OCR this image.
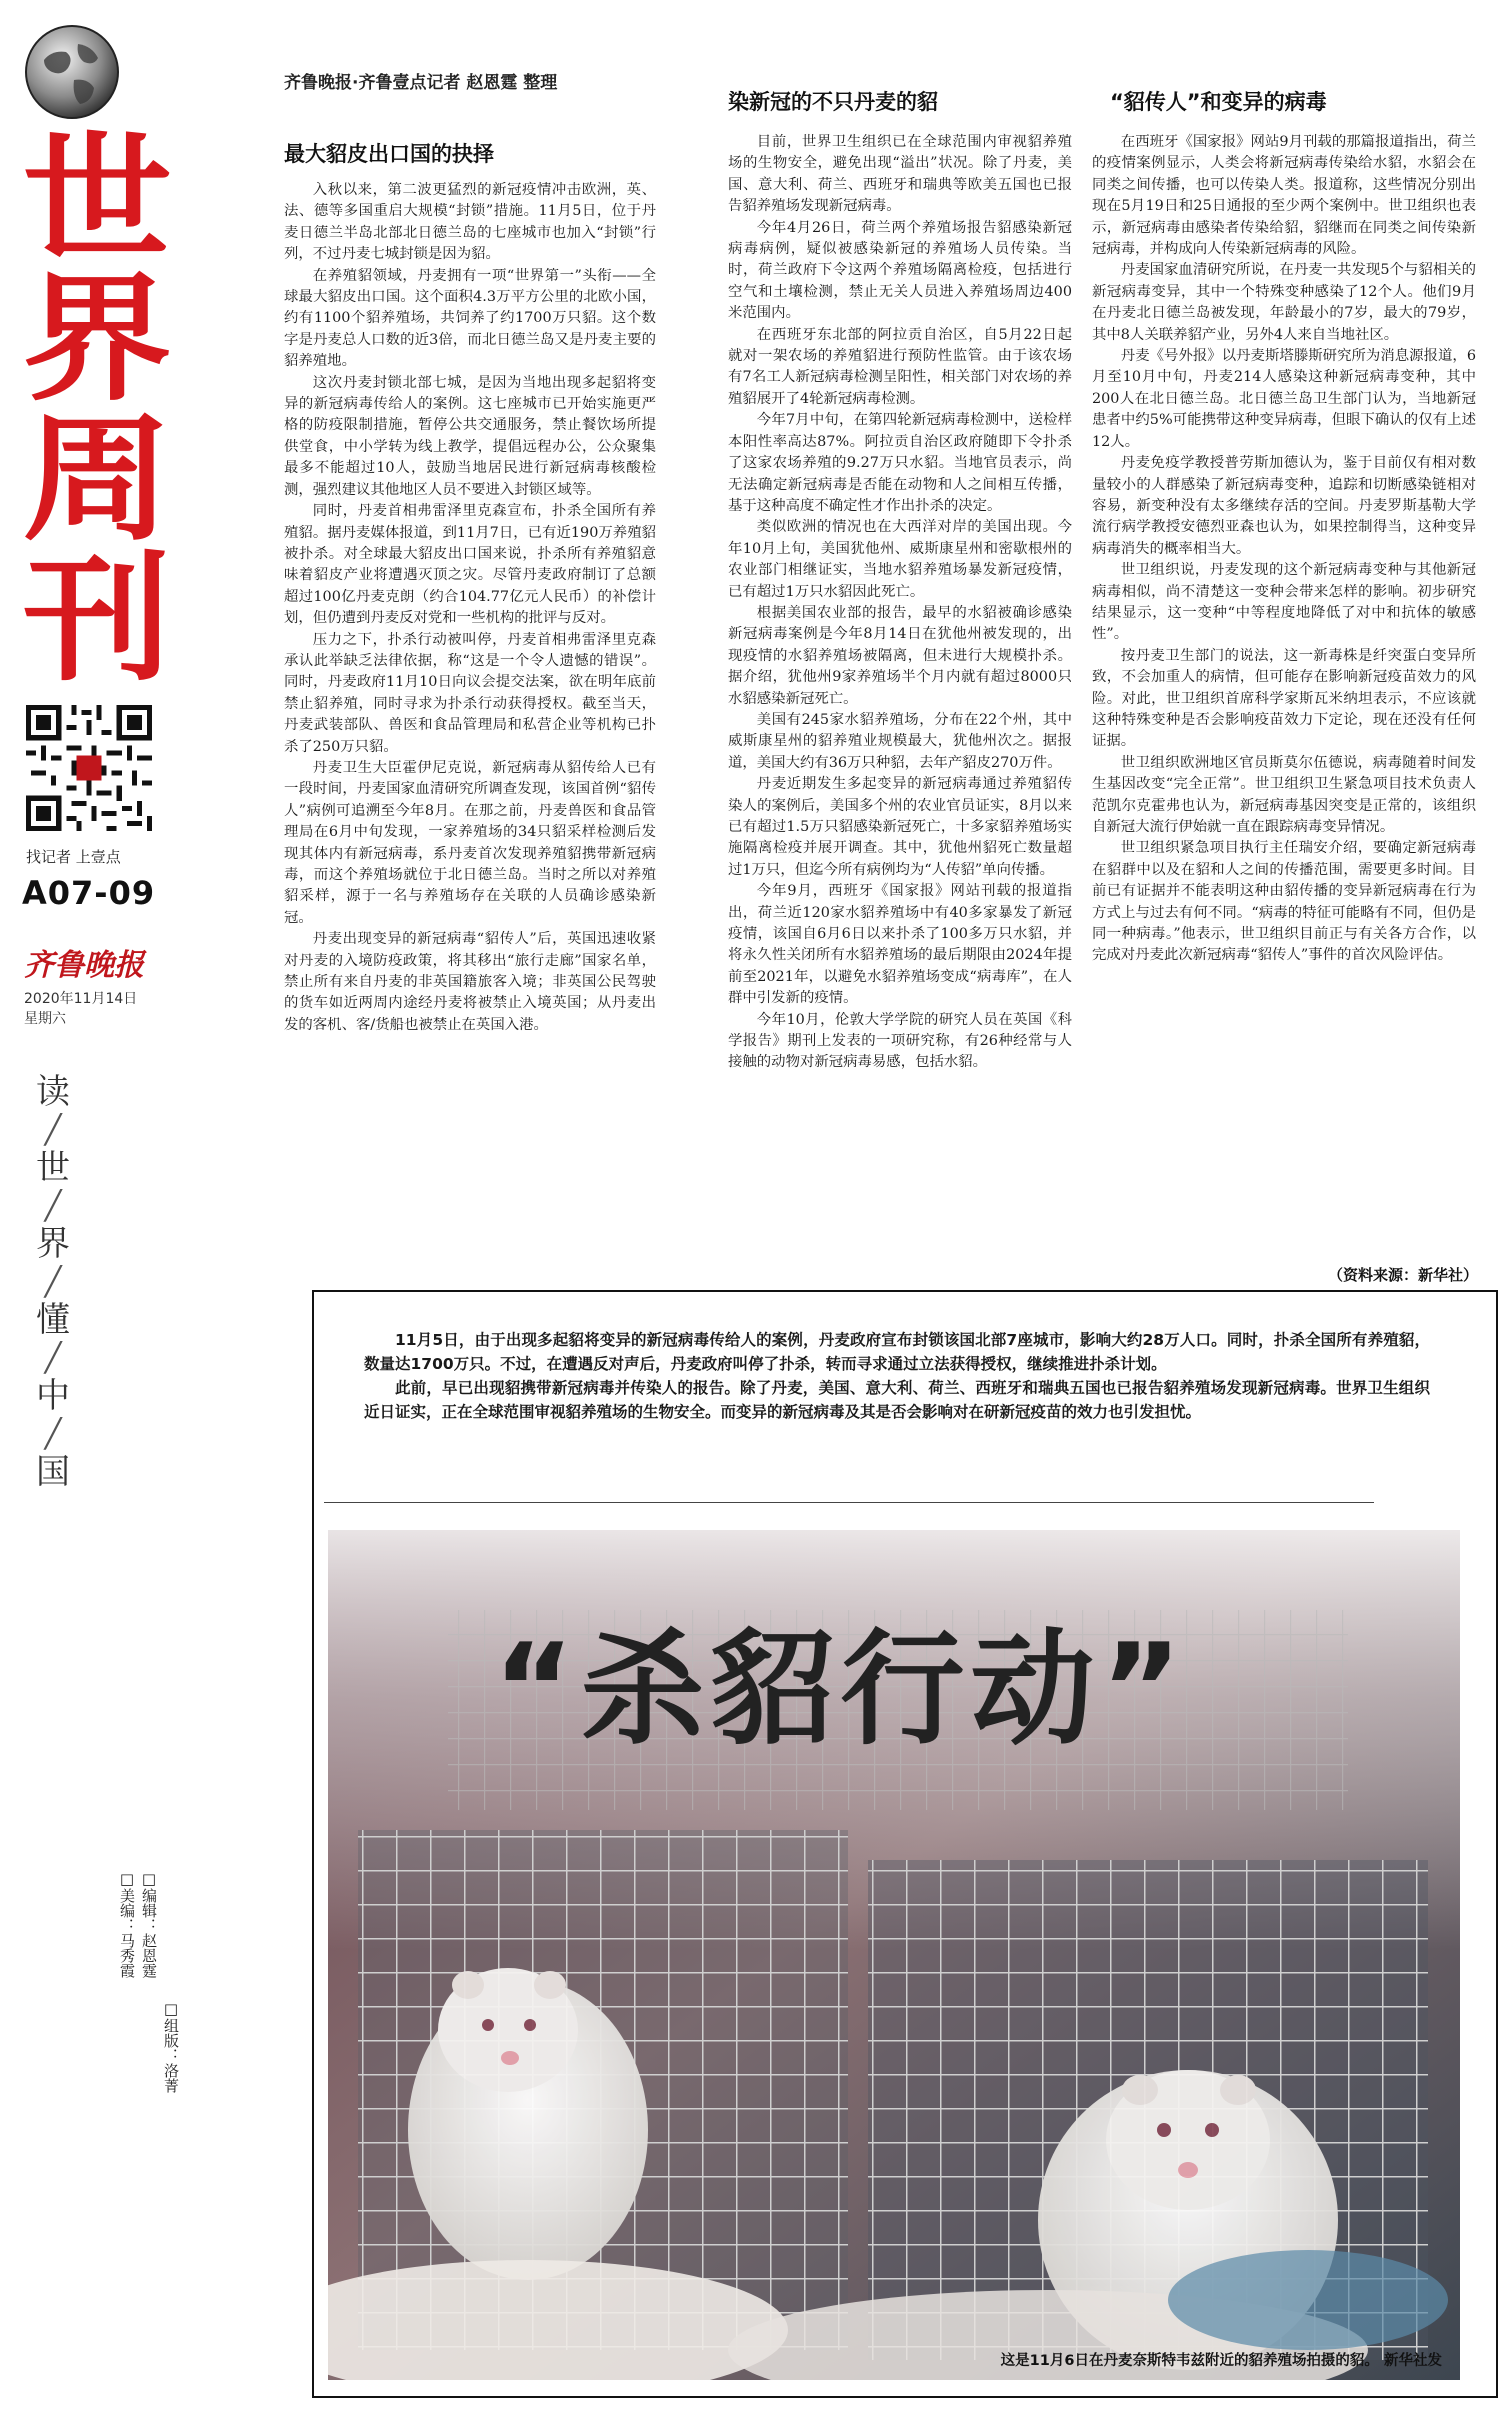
世
界
周
刊
找记者 上壹点
A07-09
齐鲁晚报
2020年11月14日
星期六
读
╱
世
╱
界
╱
懂
╱
中
╱
国
□美编：马秀霞 □编辑：赵恩霆
□组版：洛菁
齐鲁晚报·齐鲁壹点记者 赵恩霆 整理
最大貂皮出口国的抉择
染新冠的不只丹麦的貂	“貂传人”和变异的病毒

入秋以来，第二波更猛烈的新冠疫情冲击欧洲，英、法、德等多国重启大规模“封锁”措施。11月5日，位于丹麦日德兰半岛北部北日德兰岛的七座城市也加入“封锁”行列，不过丹麦七城封锁是因为貂。

在养殖貂领域，丹麦拥有一项“世界第一”头衔——全球最大貂皮出口国。这个面积4.3万平方公里的北欧小国，约有1100个貂养殖场，共饲养了约1700万只貂。这个数字是丹麦总人口数的近3倍，而北日德兰岛又是丹麦主要的貂养殖地。

这次丹麦封锁北部七城，是因为当地出现多起貂将变异的新冠病毒传给人的案例。这七座城市已开始实施更严格的防疫限制措施，暂停公共交通服务，禁止餐饮场所提供堂食，中小学转为线上教学，提倡远程办公，公众聚集最多不能超过10人，鼓励当地居民进行新冠病毒核酸检测，强烈建议其他地区人员不要进入封锁区域等。

同时，丹麦首相弗雷泽里克森宣布，扑杀全国所有养殖貂。据丹麦媒体报道，到11月7日，已有近190万养殖貂被扑杀。对全球最大貂皮出口国来说，扑杀所有养殖貂意味着貂皮产业将遭遇灭顶之灾。尽管丹麦政府制订了总额超过100亿丹麦克朗（约合104.77亿元人民币）的补偿计划，但仍遭到丹麦反对党和一些机构的批评与反对。

压力之下，扑杀行动被叫停，丹麦首相弗雷泽里克森承认此举缺乏法律依据，称“这是一个令人遗憾的错误”。同时，丹麦政府11月10日向议会提交法案，欲在明年底前禁止貂养殖，同时寻求为扑杀行动获得授权。截至当天，丹麦武装部队、兽医和食品管理局和私营企业等机构已扑杀了250万只貂。

丹麦卫生大臣霍伊尼克说，新冠病毒从貂传给人已有一段时间，丹麦国家血清研究所调查发现，该国首例“貂传人”病例可追溯至今年8月。在那之前，丹麦兽医和食品管理局在6月中旬发现，一家养殖场的34只貂采样检测后发现其体内有新冠病毒，系丹麦首次发现养殖貂携带新冠病毒，而这个养殖场就位于北日德兰岛。当时之所以对养殖貂采样，源于一名与养殖场存在关联的人员确诊感染新冠。

丹麦出现变异的新冠病毒“貂传人”后，英国迅速收紧对丹麦的入境防疫政策，将其移出“旅行走廊”国家名单，禁止所有来自丹麦的非英国籍旅客入境；非英国公民驾驶的货车如近两周内途经丹麦将被禁止入境英国；从丹麦出发的客机、客/货船也被禁止在英国入港。

目前，世界卫生组织已在全球范围内审视貂养殖场的生物安全，避免出现“溢出”状况。除了丹麦，美国、意大利、荷兰、西班牙和瑞典等欧美五国也已报告貂养殖场发现新冠病毒。

今年4月26日，荷兰两个养殖场报告貂感染新冠病毒病例，疑似被感染新冠的养殖场人员传染。当时，荷兰政府下令这两个养殖场隔离检疫，包括进行空气和土壤检测，禁止无关人员进入养殖场周边400米范围内。

在西班牙东北部的阿拉贡自治区，自5月22日起就对一架农场的养殖貂进行预防性监管。由于该农场有7名工人新冠病毒检测呈阳性，相关部门对农场的养殖貂展开了4轮新冠病毒检测。

今年7月中旬，在第四轮新冠病毒检测中，送检样本阳性率高达87%。阿拉贡自治区政府随即下令扑杀了这家农场养殖的9.27万只水貂。当地官员表示，尚无法确定新冠病毒是否能在动物和人之间相互传播，基于这种高度不确定性才作出扑杀的决定。

类似欧洲的情况也在大西洋对岸的美国出现。今年10月上旬，美国犹他州、威斯康星州和密歇根州的农业部门相继证实，当地水貂养殖场暴发新冠疫情，已有超过1万只水貂因此死亡。

根据美国农业部的报告，最早的水貂被确诊感染新冠病毒案例是今年8月14日在犹他州被发现的，出现疫情的水貂养殖场被隔离，但未进行大规模扑杀。据介绍，犹他州9家养殖场半个月内就有超过8000只水貂感染新冠死亡。

美国有245家水貂养殖场，分布在22个州，其中威斯康星州的貂养殖业规模最大，犹他州次之。据报道，美国大约有36万只种貂，去年产貂皮270万件。

丹麦近期发生多起变异的新冠病毒通过养殖貂传染人的案例后，美国多个州的农业官员证实，8月以来已有超过1.5万只貂感染新冠死亡，十多家貂养殖场实施隔离检疫并展开调查。其中，犹他州貂死亡数量超过1万只，但迄今所有病例均为“人传貂”单向传播。

今年9月，西班牙《国家报》网站刊载的报道指出，荷兰近120家水貂养殖场中有40多家暴发了新冠疫情，该国自6月6日以来扑杀了100多万只水貂，并将永久性关闭所有水貂养殖场的最后期限由2024年提前至2021年，以避免水貂养殖场变成“病毒库”，在人群中引发新的疫情。

今年10月，伦敦大学学院的研究人员在英国《科学报告》期刊上发表的一项研究称，有26种经常与人接触的动物对新冠病毒易感，包括水貂。

在西班牙《国家报》网站9月刊载的那篇报道指出，荷兰的疫情案例显示，人类会将新冠病毒传染给水貂，水貂会在同类之间传播，也可以传染人类。报道称，这些情况分别出现在5月19日和25日通报的至少两个案例中。世卫组织也表示，新冠病毒由感染者传染给貂，貂继而在同类之间传染新冠病毒，并构成向人传染新冠病毒的风险。

丹麦国家血清研究所说，在丹麦一共发现5个与貂相关的新冠病毒变异，其中一个特殊变种感染了12个人。他们9月在丹麦北日德兰岛被发现，年龄最小的7岁，最大的79岁，其中8人关联养貂产业，另外4人来自当地社区。

丹麦《号外报》以丹麦斯塔滕斯研究所为消息源报道，6月至10月中旬，丹麦214人感染这种新冠病毒变种，其中200人在北日德兰岛。北日德兰岛卫生部门认为，当地新冠患者中约5%可能携带这种变异病毒，但眼下确认的仅有上述12人。

丹麦免疫学教授普劳斯加德认为，鉴于目前仅有相对数量较小的人群感染了新冠病毒变种，追踪和切断感染链相对容易，新变种没有太多继续存活的空间。丹麦罗斯基勒大学流行病学教授安德烈亚森也认为，如果控制得当，这种变异病毒消失的概率相当大。

世卫组织说，丹麦发现的这个新冠病毒变种与其他新冠病毒相似，尚不清楚这一变种会带来怎样的影响。初步研究结果显示，这一变种“中等程度地降低了对中和抗体的敏感性”。

按丹麦卫生部门的说法，这一新毒株是纤突蛋白变异所致，不会加重人的病情，但可能存在影响新冠疫苗效力的风险。对此，世卫组织首席科学家斯瓦米纳坦表示，不应该就这种特殊变种是否会影响疫苗效力下定论，现在还没有任何证据。

世卫组织欧洲地区官员斯莫尔伍德说，病毒随着时间发生基因改变“完全正常”。世卫组织卫生紧急项目技术负责人范凯尔克霍弗也认为，新冠病毒基因突变是正常的，该组织自新冠大流行伊始就一直在跟踪病毒变异情况。

世卫组织紧急项目执行主任瑞安介绍，要确定新冠病毒在貂群中以及在貂和人之间的传播范围，需要更多时间。目前已有证据并不能表明这种由貂传播的变异新冠病毒在行为方式上与过去有何不同。“病毒的特征可能略有不同，但仍是同一种病毒。”他表示，世卫组织目前正与有关各方合作，以完成对丹麦此次新冠病毒“貂传人”事件的首次风险评估。

（资料来源：新华社）

11月5日，由于出现多起貂将变异的新冠病毒传给人的案例，丹麦政府宣布封锁该国北部7座城市，影响大约28万人口。同时，扑杀全国所有养殖貂，数量达1700万只。不过，在遭遇反对声后，丹麦政府叫停了扑杀，转而寻求通过立法获得授权，继续推进扑杀计划。

此前，早已出现貂携带新冠病毒并传染人的报告。除了丹麦，美国、意大利、荷兰、西班牙和瑞典五国也已报告貂养殖场发现新冠病毒。世界卫生组织近日证实，正在全球范围审视貂养殖场的生物安全。而变异的新冠病毒及其是否会影响对在研新冠疫苗的效力也引发担忧。

“杀貂行动”
这是11月6日在丹麦奈斯特韦兹附近的貂养殖场拍摄的貂。 新华社发
